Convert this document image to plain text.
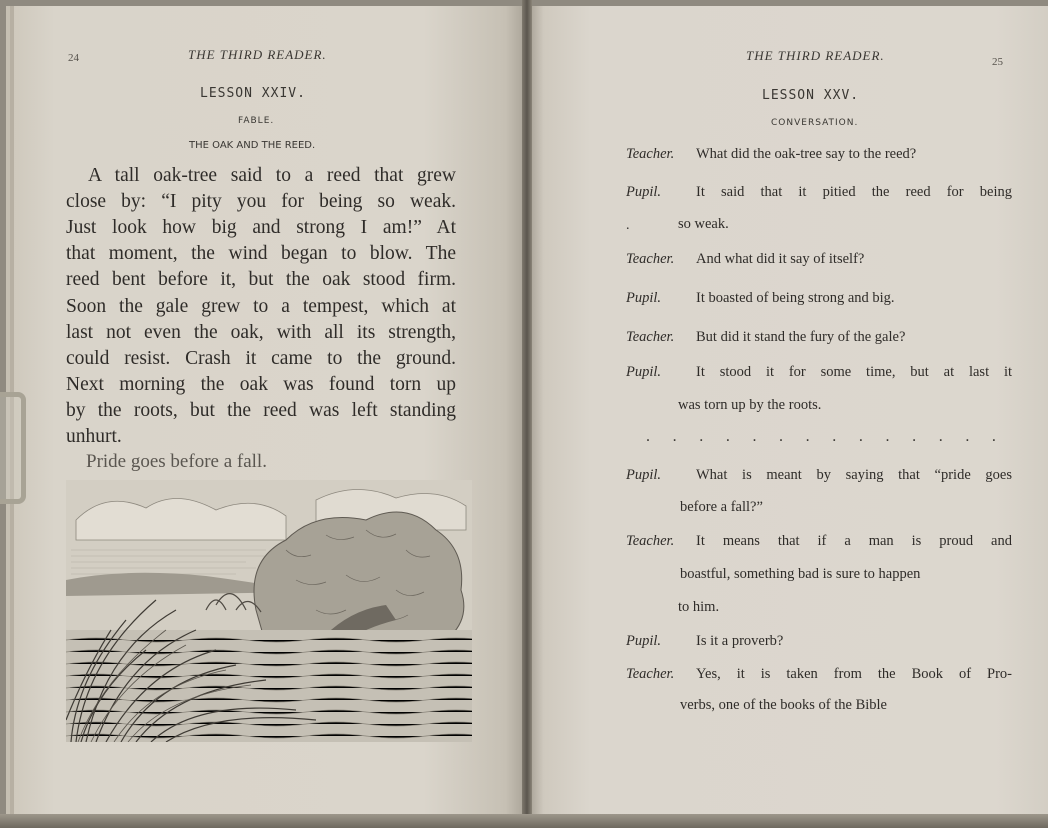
24	THE THIRD READER.
LESSON XXIV.
FABLE.
THE OAK AND THE REED.
A tall oak-tree said to a reed that grew
close by: “I pity you for being so weak.
Just look how big and strong I am!” At
that moment, the wind began to blow. The
reed bent before it, but the oak stood firm.
Soon the gale grew to a tempest, which at
last not even the oak, with all its strength,
could resist. Crash it came to the ground.
Next morning the oak was found torn up
by the roots, but the reed was left standing
unhurt.
Pride goes before a fall.
THE THIRD READER.	25
LESSON XXV.
CONVERSATION.
Teacher. What did the oak-tree say to the reed?
Pupil. It said that it pitied the reed for being
.	so weak.
Teacher. And what did it say of itself?
Pupil. It boasted of being strong and big.
Teacher. But did it stand the fury of the gale?
Pupil. It stood it for some time, but at last it
was torn up by the roots.
. . . . . . . . . . . . . .
Pupil. What is meant by saying that “pride goes
before a fall?”
Teacher. It means that if a man is proud and
boastful, something bad is sure to happen
to him.
Pupil. Is it a proverb?
Teacher. Yes, it is taken from the Book of Pro-
verbs, one of the books of the Bible
